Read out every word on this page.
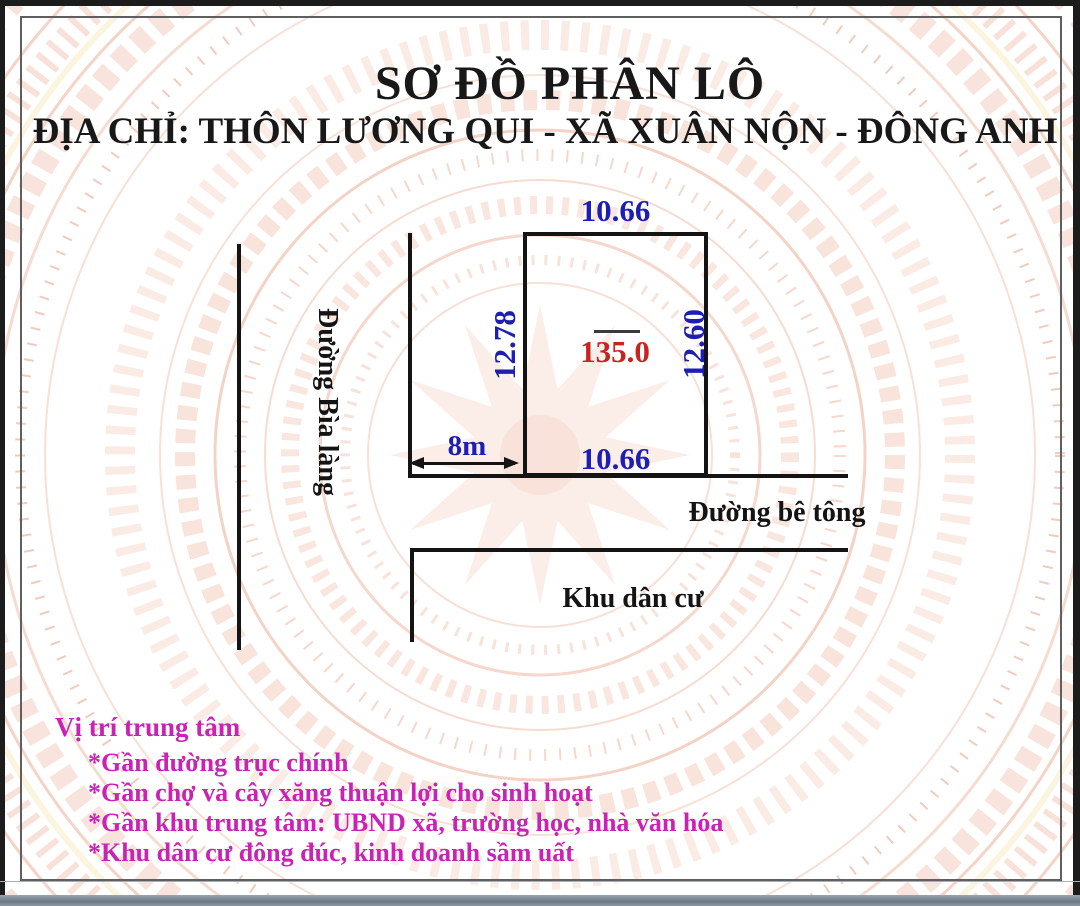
SƠ ĐỒ PHÂN LÔ
ĐỊA CHỈ: THÔN LƯƠNG QUI - XÃ XUÂN NỘN - ĐÔNG ANH
10.66
12.78	12.60
10.66
135.0
8m
Đường Bìa làng
Đường bê tông
Khu dân cư
Vị trí trung tâm
*Gần đường trục chính
*Gần chợ và cây xăng thuận lợi cho sinh hoạt
*Gần khu trung tâm: UBND xã, trường học, nhà văn hóa
*Khu dân cư đông đúc, kinh doanh sầm uất
